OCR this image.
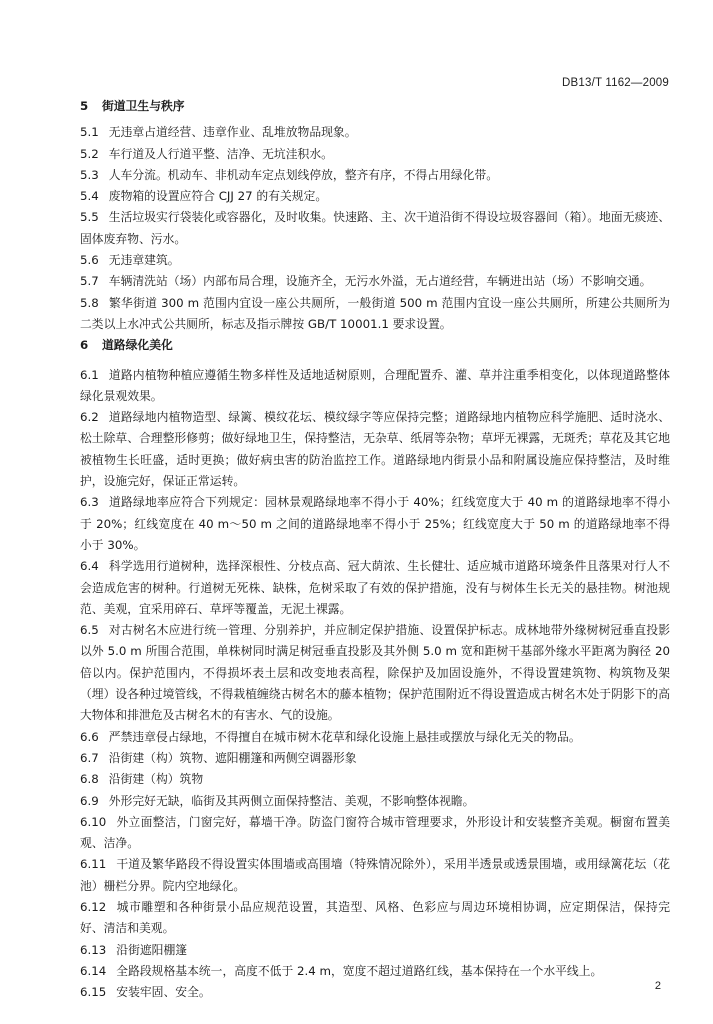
DB13/T 1162—2009

5 街道卫生与秩序

5.1 无违章占道经营、违章作业、乱堆放物品现象。

5.2 车行道及人行道平整、洁净、无坑洼积水。

5.3 人车分流。机动车、非机动车定点划线停放，整齐有序，不得占用绿化带。

5.4 废物箱的设置应符合 CJJ 27 的有关规定。

5.5 生活垃圾实行袋装化或容器化，及时收集。快速路、主、次干道沿街不得设垃圾容器间（箱）。地面无痰迹、固体废弃物、污水。

5.6 无违章建筑。

5.7 车辆清洗站（场）内部布局合理，设施齐全，无污水外溢，无占道经营，车辆进出站（场）不影响交通。

5.8 繁华街道 300 m 范围内宜设一座公共厕所，一般街道 500 m 范围内宜设一座公共厕所，所建公共厕所为二类以上水冲式公共厕所，标志及指示牌按 GB/T 10001.1 要求设置。

6 道路绿化美化

6.1 道路内植物种植应遵循生物多样性及适地适树原则，合理配置乔、灌、草并注重季相变化，以体现道路整体绿化景观效果。

6.2 道路绿地内植物造型、绿篱、模纹花坛、模纹绿字等应保持完整；道路绿地内植物应科学施肥、适时浇水、松土除草、合理整形修剪；做好绿地卫生，保持整洁，无杂草、纸屑等杂物；草坪无裸露，无斑秃；草花及其它地被植物生长旺盛，适时更换；做好病虫害的防治监控工作。道路绿地内街景小品和附属设施应保持整洁，及时维护，设施完好，保证正常运转。

6.3 道路绿地率应符合下列规定：园林景观路绿地率不得小于 40%；红线宽度大于 40 m 的道路绿地率不得小于 20%；红线宽度在 40 m～50 m 之间的道路绿地率不得小于 25%；红线宽度大于 50 m 的道路绿地率不得小于 30%。

6.4 科学选用行道树种，选择深根性、分枝点高、冠大荫浓、生长健壮、适应城市道路环境条件且落果对行人不会造成危害的树种。行道树无死株、缺株，危树采取了有效的保护措施，没有与树体生长无关的悬挂物。树池规范、美观，宜采用碎石、草坪等覆盖，无泥土裸露。

6.5 对古树名木应进行统一管理、分别养护，并应制定保护措施、设置保护标志。成林地带外缘树树冠垂直投影以外 5.0 m 所围合范围，单株树同时满足树冠垂直投影及其外侧 5.0 m 宽和距树干基部外缘水平距离为胸径 20 倍以内。保护范围内，不得损坏表土层和改变地表高程，除保护及加固设施外，不得设置建筑物、构筑物及架（埋）设各种过境管线，不得栽植缠绕古树名木的藤本植物；保护范围附近不得设置造成古树名木处于阴影下的高大物体和排泄危及古树名木的有害水、气的设施。

6.6 严禁违章侵占绿地，不得擅自在城市树木花草和绿化设施上悬挂或摆放与绿化无关的物品。

6.7 沿街建（构）筑物、遮阳棚篷和两侧空调器形象

6.8 沿街建（构）筑物

6.9 外形完好无缺，临街及其两侧立面保持整洁、美观，不影响整体视瞻。

6.10 外立面整洁，门窗完好，幕墙干净。防盗门窗符合城市管理要求，外形设计和安装整齐美观。橱窗布置美观、洁净。

6.11 干道及繁华路段不得设置实体围墙或高围墙（特殊情况除外），采用半透景或透景围墙，或用绿篱花坛（花池）栅栏分界。院内空地绿化。

6.12 城市雕塑和各种街景小品应规范设置，其造型、风格、色彩应与周边环境相协调，应定期保洁，保持完好、清洁和美观。

6.13 沿街遮阳棚篷

6.14 全路段规格基本统一，高度不低于 2.4 m，宽度不超过道路红线，基本保持在一个水平线上。

6.15 安装牢固、安全。	2
